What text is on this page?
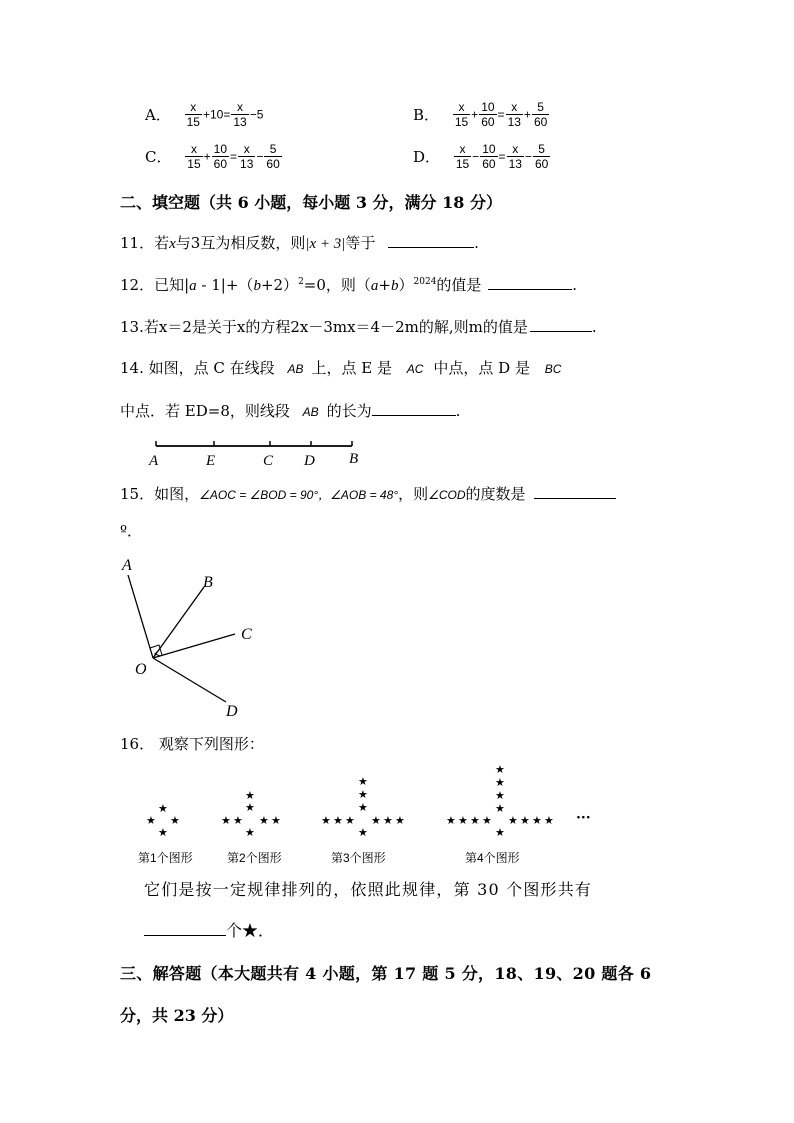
A． $\frac{x}{15} +10= \frac{x}{13} -5$	B． $\frac{x}{15} + \frac{10}{60} = \frac{x}{13} + \frac{5}{60}$
C． $\frac{x}{15} + \frac{10}{60} = \frac{x}{13} - \frac{5}{60}$	D． $\frac{x}{15} - \frac{10}{60} = \frac{x}{13} - \frac{5}{60}$
二、填空题（共 6 小题，每小题 3 分，满分 18 分）
11．若x与3互为相反数，则|x + 3|等于	.
12．已知$|a - 1|+(b+2)^2=0$，则$(a+b)^{2024}$的值是	.
13.若x＝2是关于x的方程2x－3mx＝4－2m的解,则m的值是	.
14. 如图，点 C 在线段 AB 上，点 E 是 AC 中点，点 D 是 BC
中点．若 ED=8，则线段 AB 的长为	.
A	E	C D B
15．如图，∠AOC = ∠BOD = 90°，∠AOB = 48°，则∠COD的度数是
º．
A
B
C
O
D
16． 观察下列图形：
★
★ ★
★
★
★
★ ★ ★ ★
★
★
★
★
★ ★ ★ ★ ★ ★
★
★
★
★
★
★ ★ ★ ★ ★ ★ ★ ★
★
···
第1个图形	第2个图形	第3个图形	第4个图形
它们是按一定规律排列的，依照此规律，第 30 个图形共有
个★．
三、解答题（本大题共有 4 小题，第 17 题 5 分，18、19、20 题各 6
分，共 23 分）
